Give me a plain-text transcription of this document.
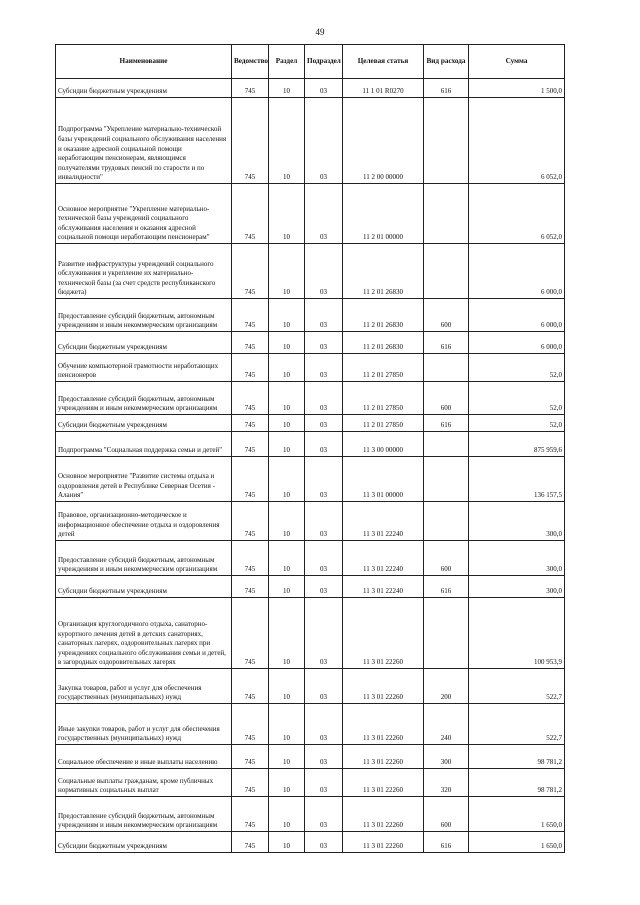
49
Наименование	Ведомство	Раздел	Подраздел	Целевая статья	Вид расхода	Сумма
Субсидии бюджетным учреждениям	745	10	03	11 1 01 R0270	616	1 500,0
Подпрограмма "Укрепление материально-технической базы учреждений социального обслуживания населения и оказание адресной социальной помощи неработающим пенсионерам, являющимся получателями трудовых пенсий по старости и по инвалидности"	745	10	03	11 2 00 00000		6 052,0
Основное мероприятие "Укрепление материально-технической базы учреждений социального обслуживания населения и оказания адресной социальной помощи неработающим пенсионерам"	745	10	03	11 2 01 00000		6 052,0
Развитие инфраструктуры учреждений социального обслуживания и укрепление их материально-технической базы (за счет средств республиканского бюджета)	745	10	03	11 2 01 26830		6 000,0
Предоставление субсидий бюджетным, автономным учреждениям и иным некоммерческим организациям	745	10	03	11 2 01 26830	600	6 000,0
Субсидии бюджетным учреждениям	745	10	03	11 2 01 26830	616	6 000,0
Обучение компьютерной грамотности неработающих пенсионеров	745	10	03	11 2 01 27850		52,0
Предоставление субсидий бюджетным, автономным учреждениям и иным некоммерческим организациям	745	10	03	11 2 01 27850	600	52,0
Субсидии бюджетным учреждениям	745	10	03	11 2 01 27850	616	52,0
Подпрограмма "Социальная поддержка семьи и детей"	745	10	03	11 3 00 00000		875 959,6
Основное мероприятие "Развитие системы отдыха и оздоровления детей в Республике Северная Осетия - Алания"	745	10	03	11 3 01 00000		136 157,5
Правовое, организационно-методическое и информационное обеспечение отдыха и оздоровления детей	745	10	03	11 3 01 22240		300,0
Предоставление субсидий бюджетным, автономным учреждениям и иным некоммерческим организациям	745	10	03	11 3 01 22240	600	300,0
Субсидии бюджетным учреждениям	745	10	03	11 3 01 22240	616	300,0
Организация круглогодичного отдыха, санаторно-курортного лечения детей в детских санаториях, санаторных лагерях, оздоровительных лагерях при учреждениях социального обслуживания семьи и детей, в загородных оздоровительных лагерях	745	10	03	11 3 01 22260		100 953,9
Закупка товаров, работ и услуг для обеспечения государственных (муниципальных) нужд	745	10	03	11 3 01 22260	200	522,7
Иные закупки товаров, работ и услуг для обеспечения государственных (муниципальных) нужд	745	10	03	11 3 01 22260	240	522,7
Социальное обеспечение и иные выплаты населению	745	10	03	11 3 01 22260	300	98 781,2
Социальные выплаты гражданам, кроме публичных нормативных социальных выплат	745	10	03	11 3 01 22260	320	98 781,2
Предоставление субсидий бюджетным, автономным учреждениям и иным некоммерческим организациям	745	10	03	11 3 01 22260	600	1 650,0
Субсидии бюджетным учреждениям	745	10	03	11 3 01 22260	616	1 650,0
